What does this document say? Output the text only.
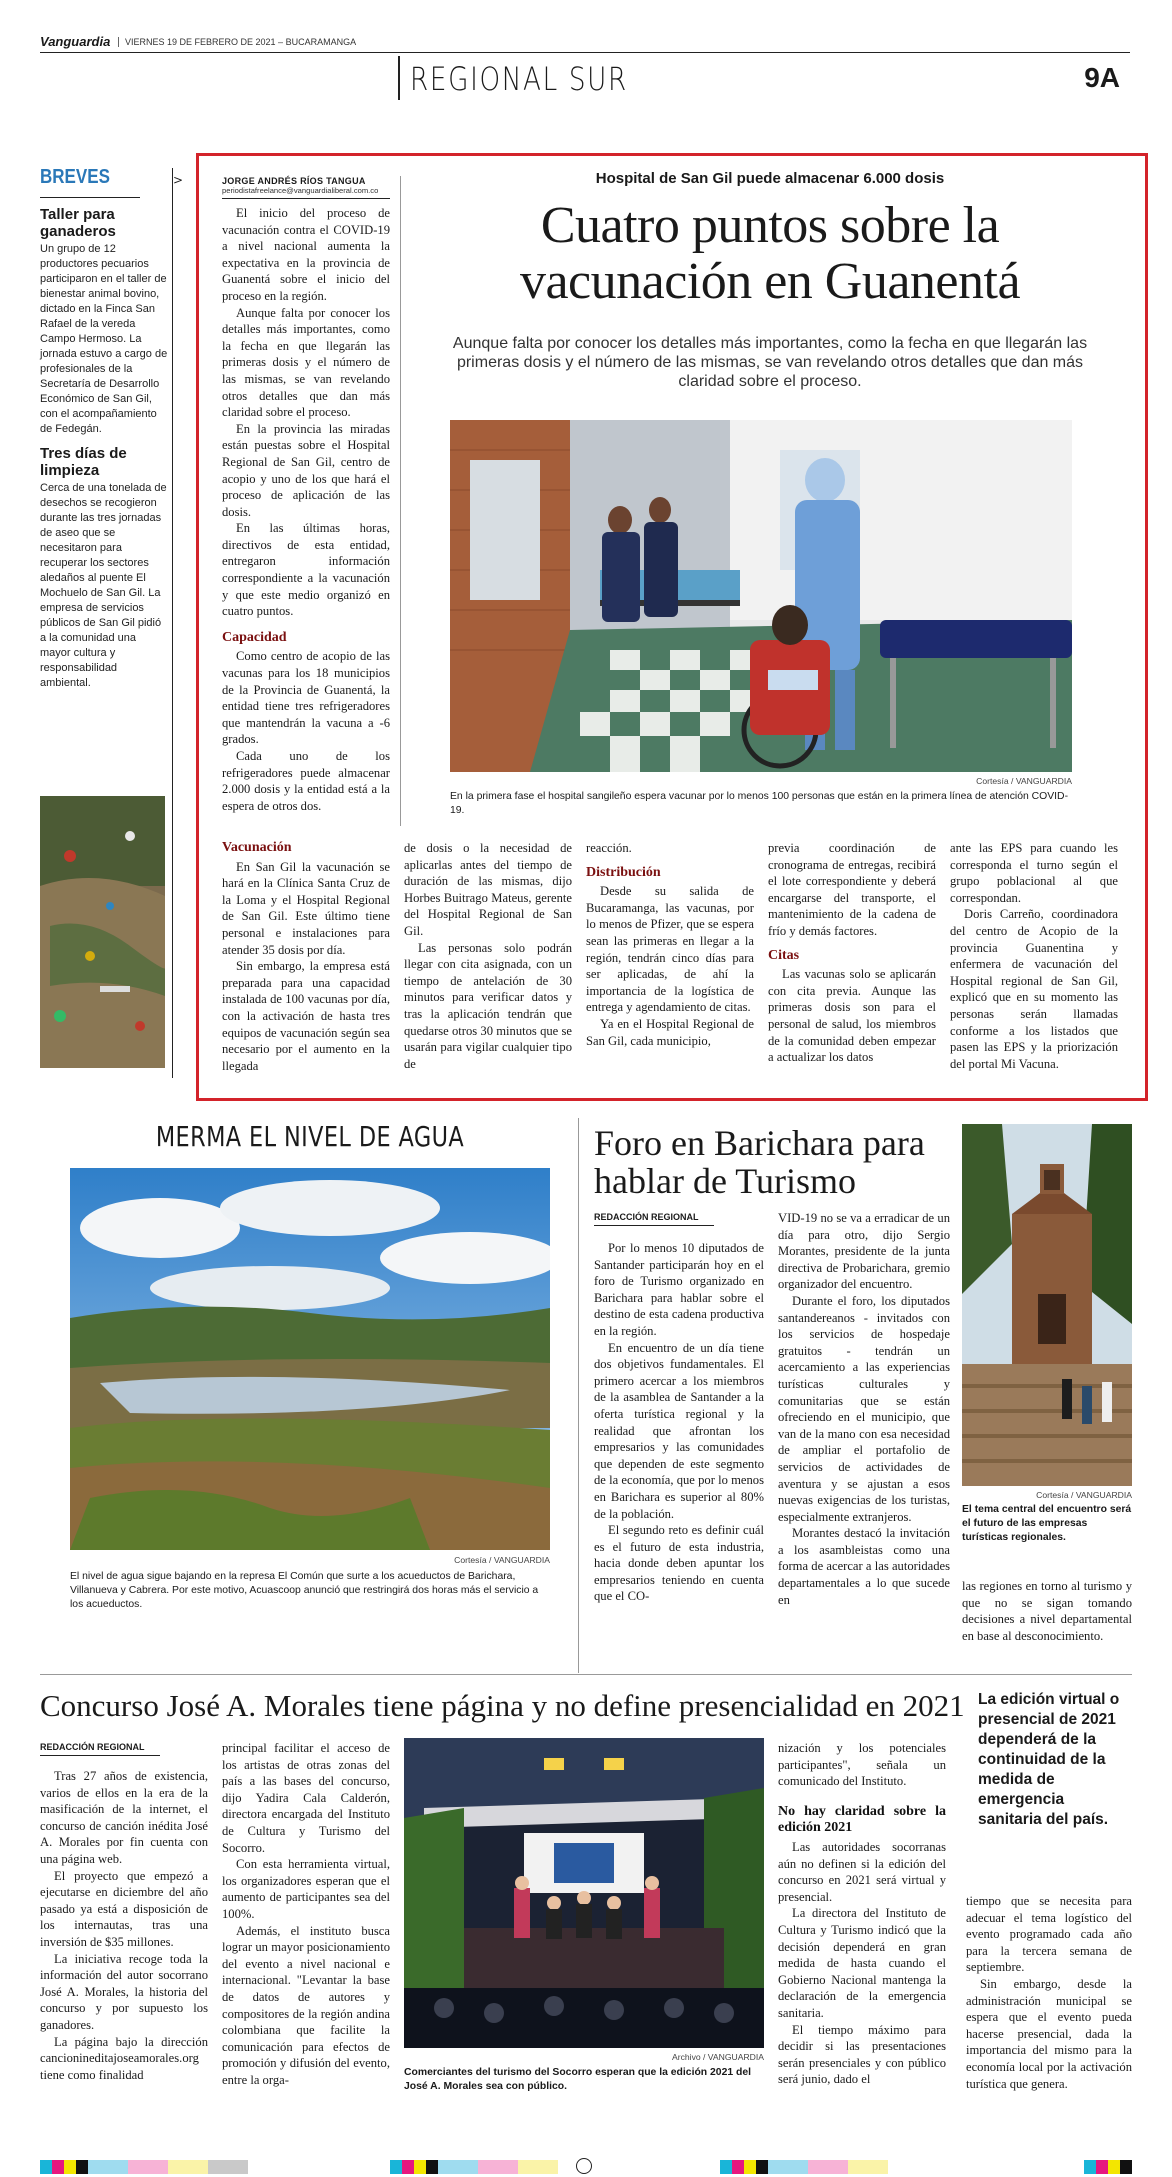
Vanguardia	VIERNES 19 DE FEBRERO DE 2021 – BUCARAMANGA
REGIONAL SUR	9A
BREVES
Taller para ganaderos
Un grupo de 12 productores pecuarios participaron en el taller de bienestar animal bovino, dictado en la Finca San Rafael de la vereda Campo Hermoso. La jornada estuvo a cargo de profesionales de la Secretaría de Desarrollo Económico de San Gil, con el acompañamiento de Fedegán.
Tres días de limpieza
Cerca de una tonelada de desechos se recogieron durante las tres jornadas de aseo que se necesitaron para recuperar los sectores aledaños al puente El Mochuelo de San Gil. La empresa de servicios públicos de San Gil pidió a la comunidad una mayor cultura y responsabilidad ambiental.
>	JORGE ANDRÉS RÍOS TANGUA
periodistafreelance@vanguardialiberal.com.co

El inicio del proceso de vacunación contra el COVID-19 a nivel nacional aumenta la expectativa en la provincia de Guanentá sobre el inicio del proceso en la región.

Aunque falta por conocer los detalles más importantes, como la fecha en que llegarán las primeras dosis y el número de las mismas, se van revelando otros detalles que dan más claridad sobre el proceso.

En la provincia las miradas están puestas sobre el Hospital Regional de San Gil, centro de acopio y uno de los que hará el proceso de aplicación de las dosis.

En las últimas horas, directivos de esta entidad, entregaron información correspondiente a la vacunación y que este medio organizó en cuatro puntos.

Capacidad

Como centro de acopio de las vacunas para los 18 municipios de la Provincia de Guanentá, la entidad tiene tres refrigeradores que mantendrán la vacuna a -6 grados.

Cada uno de los refrigeradores puede almacenar 2.000 dosis y la entidad está a la espera de otros dos.

Hospital de San Gil puede almacenar 6.000 dosis
Cuatro puntos sobre la vacunación en Guanentá
Aunque falta por conocer los detalles más importantes, como la fecha en que llegarán las primeras dosis y el número de las mismas, se van revelando otros detalles que dan más claridad sobre el proceso.
Cortesía / VANGUARDIA
En la primera fase el hospital sangileño espera vacunar por lo menos 100 personas que están en la primera línea de atención COVID-19.
Vacunación

En San Gil la vacunación se hará en la Clínica Santa Cruz de la Loma y el Hospital Regional de San Gil. Este último tiene personal e instalaciones para atender 35 dosis por día.

Sin embargo, la empresa está preparada para una capacidad instalada de 100 vacunas por día, con la activación de hasta tres equipos de vacunación según sea necesario por el aumento en la llegada

de dosis o la necesidad de aplicarlas antes del tiempo de duración de las mismas, dijo Horbes Buitrago Mateus, gerente del Hospital Regional de San Gil.

Las personas solo podrán llegar con cita asignada, con un tiempo de antelación de 30 minutos para verificar datos y tras la aplicación tendrán que quedarse otros 30 minutos que se usarán para vigilar cualquier tipo de

reacción.

Distribución

Desde su salida de Bucaramanga, las vacunas, por lo menos de Pfizer, que se espera sean las primeras en llegar a la región, tendrán cinco días para ser aplicadas, de ahí la importancia de la logística de entrega y agendamiento de citas.

Ya en el Hospital Regional de San Gil, cada municipio,

previa coordinación de cronograma de entregas, recibirá el lote correspondiente y deberá encargarse del transporte, el mantenimiento de la cadena de frío y demás factores.

Citas

Las vacunas solo se aplicarán con cita previa. Aunque las primeras dosis son para el personal de salud, los miembros de la comunidad deben empezar a actualizar los datos

ante las EPS para cuando les corresponda el turno según el grupo poblacional al que correspondan.

Doris Carreño, coordinadora del centro de Acopio de la provincia Guanentina y enfermera de vacunación del Hospital regional de San Gil, explicó que en su momento las personas serán llamadas conforme a los listados que pasen las EPS y la priorización del portal Mi Vacuna.

MERMA EL NIVEL DE AGUA
Cortesía / VANGUARDIA
El nivel de agua sigue bajando en la represa El Común que surte a los acueductos de Barichara, Villanueva y Cabrera. Por este motivo, Acuascoop anunció que restringirá dos horas más el servicio a los acueductos.
Foro en Barichara para hablar de Turismo
REDACCIÓN REGIONAL

Por lo menos 10 diputados de Santander participarán hoy en el foro de Turismo organizado en Barichara para hablar sobre el destino de esta cadena productiva en la región.

En encuentro de un día tiene dos objetivos fundamentales. El primero acercar a los miembros de la asamblea de Santander a la oferta turística regional y la realidad que afrontan los empresarios y las comunidades que dependen de este segmento de la economía, que por lo menos en Barichara es superior al 80% de la población.

El segundo reto es definir cuál es el futuro de esta industria, hacia donde deben apuntar los empresarios teniendo en cuenta que el CO-

VID-19 no se va a erradicar de un día para otro, dijo Sergio Morantes, presidente de la junta directiva de Probarichara, gremio organizador del encuentro.

Durante el foro, los diputados santandereanos - invitados con los servicios de hospedaje gratuitos - tendrán un acercamiento a las experiencias turísticas culturales y comunitarias que se están ofreciendo en el municipio, que van de la mano con esa necesidad de ampliar el portafolio de servicios de actividades de aventura y se ajustan a esos nuevas exigencias de los turistas, especialmente extranjeros.

Morantes destacó la invitación a los asambleistas como una forma de acercar a las autoridades departamentales a lo que sucede en

Cortesía / VANGUARDIA
El tema central del encuentro será el futuro de las empresas turísticas regionales.

las regiones en torno al turismo y que no se sigan tomando decisiones a nivel departamental en base al desconocimiento.

Concurso José A. Morales tiene página y no define presencialidad en 2021
REDACCIÓN REGIONAL

Tras 27 años de existencia, varios de ellos en la era de la masificación de la internet, el concurso de canción inédita José A. Morales por fin cuenta con una página web.

El proyecto que empezó a ejecutarse en diciembre del año pasado ya está a disposición de los internautas, tras una inversión de $35 millones.

La iniciativa recoge toda la información del autor socorrano José A. Morales, la historia del concurso y por supuesto los ganadores.

La página bajo la dirección cancionineditajoseamorales.org tiene como finalidad

principal facilitar el acceso de los artistas de otras zonas del país a las bases del concurso, dijo Yadira Cala Calderón, directora encargada del Instituto de Cultura y Turismo del Socorro.

Con esta herramienta virtual, los organizadores esperan que el aumento de participantes sea del 100%.

Además, el instituto busca lograr un mayor posicionamiento del evento a nivel nacional e internacional. "Levantar la base de datos de autores y compositores de la región andina colombiana que facilite la comunicación para efectos de promoción y difusión del evento, entre la orga-

Archivo / VANGUARDIA
Comerciantes del turismo del Socorro esperan que la edición 2021 del José A. Morales sea con público.

nización y los potenciales participantes", señala un comunicado del Instituto.

No hay claridad sobre la edición 2021

Las autoridades socorranas aún no definen si la edición del concurso en 2021 será virtual y presencial.

La directora del Instituto de Cultura y Turismo indicó que la decisión dependerá en gran medida de hasta cuando el Gobierno Nacional mantenga la declaración de la emergencia sanitaria.

El tiempo máximo para decidir si las presentaciones serán presenciales y con público será junio, dado el

La edición virtual o presencial de 2021 dependerá de la continuidad de la medida de emergencia sanitaria del país.

tiempo que se necesita para adecuar el tema logístico del evento programado cada año para la tercera semana de septiembre.

Sin embargo, desde la administración municipal se espera que el evento pueda hacerse presencial, dada la importancia del mismo para la economía local por la activación turística que genera.
